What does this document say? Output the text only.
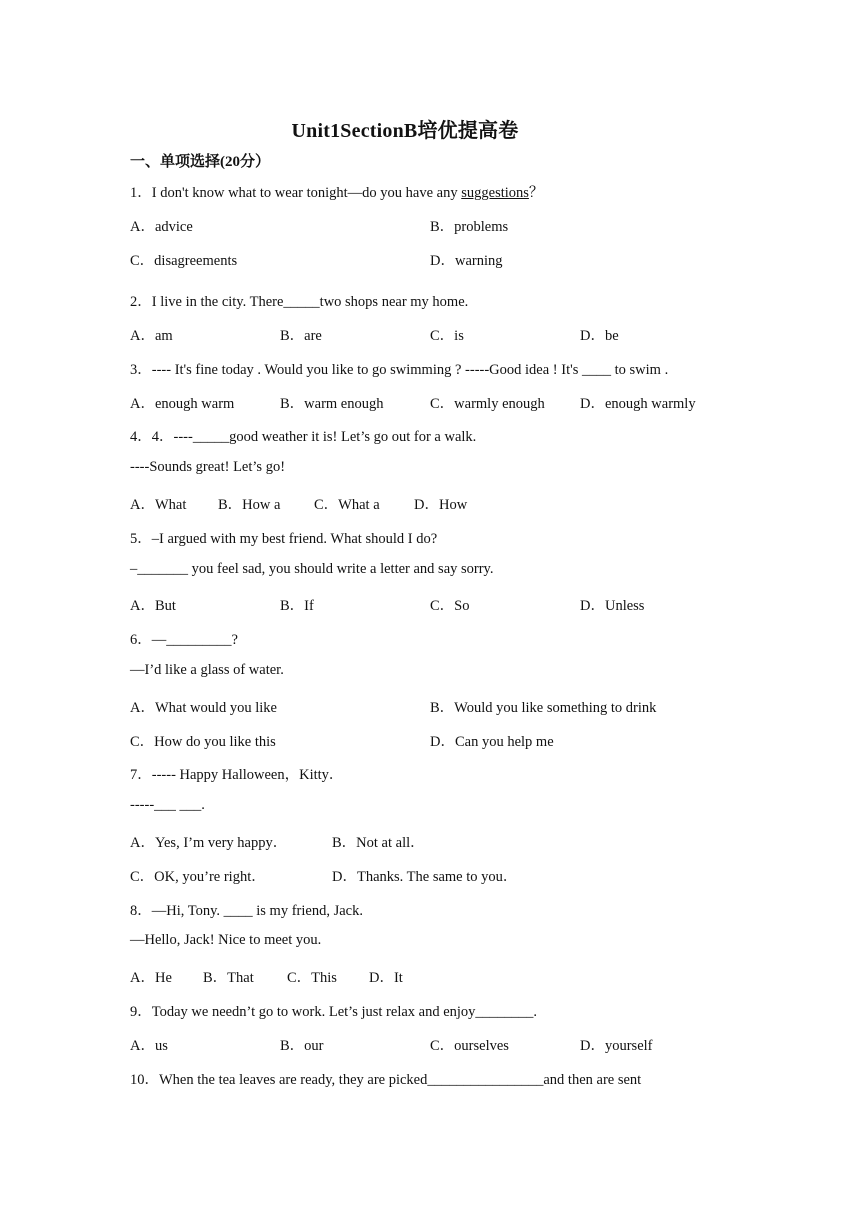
Unit1SectionB培优提高卷
一、单项选择(20分）
1．I don't know what to wear tonight—do you have any suggestions？
A．advice	B．problems
C．disagreements	D．warning
2．I live in the city. There_____two shops near my home.
A．am	B．are	C．is	D．be
3．---- It's fine today . Would you like to go swimming ? -----Good idea ! It's ____ to swim .
A．enough warm	B．warm enough	C．warmly enough D．enough warmly
4．4．----_____good weather it is! Let’s go out for a walk.
----Sounds great! Let’s go!
A．What B．How a C．What a D．How
5．–I argued with my best friend. What should I do?
–_______ you feel sad, you should write a letter and say sorry.
A．But	B．If	C．So	D．Unless
6．—_________?
—I’d like a glass of water.
A．What would you like	B．Would you like something to drink
C．How do you like this	D．Can you help me
7．----- Happy Halloween，Kitty．
-----___ ___.
A．Yes, I’m very happy．	B．Not at all．
C．OK, you’re right．	D．Thanks. The same to you．
8．—Hi, Tony. ____ is my friend, Jack.
—Hello, Jack! Nice to meet you.
A．He B．That C．This D．It
9．Today we needn’t go to work. Let’s just relax and enjoy________.
A．us	B．our	C．ourselves	D．yourself
10．When the tea leaves are ready, they are picked________________and then are sent
